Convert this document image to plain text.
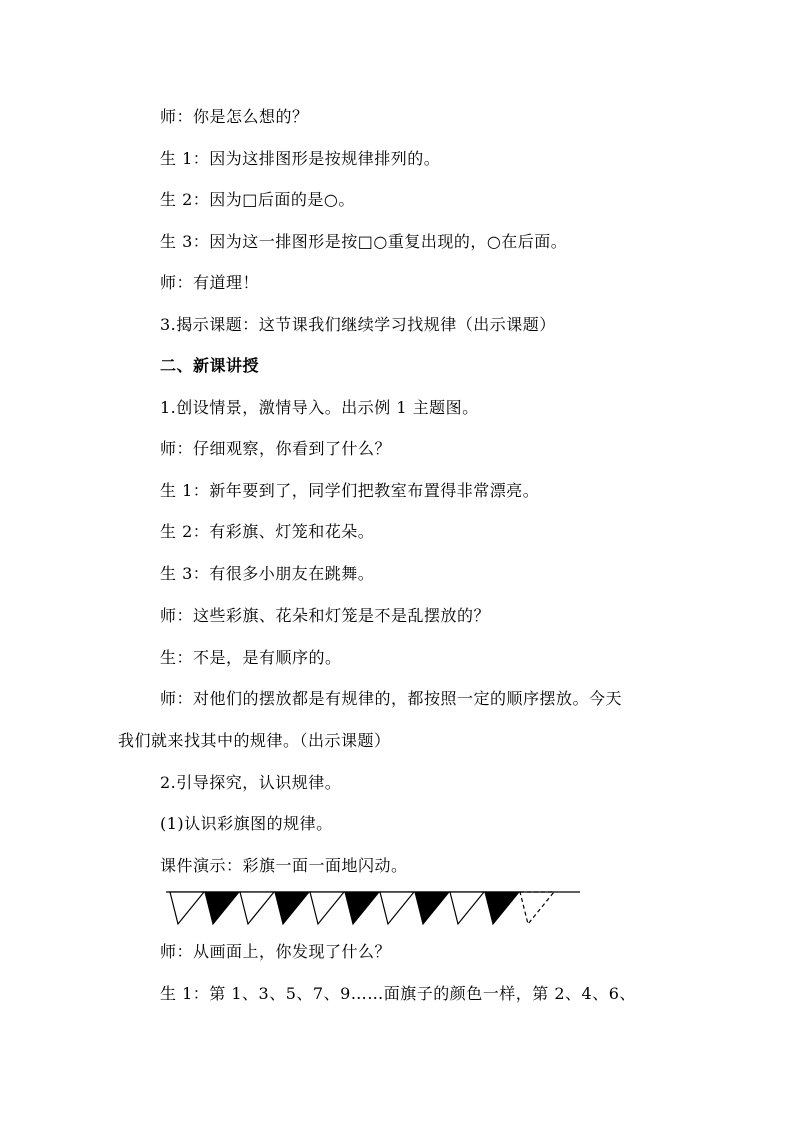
师：你是怎么想的？
生 1：因为这排图形是按规律排列的。
生 2：因为□后面的是○。
生 3：因为这一排图形是按□○重复出现的，○在后面。
师：有道理！
3.揭示课题：这节课我们继续学习找规律（出示课题）
二、新课讲授
1.创设情景，激情导入。出示例 1 主题图。
师：仔细观察，你看到了什么？
生 1：新年要到了，同学们把教室布置得非常漂亮。
生 2：有彩旗、灯笼和花朵。
生 3：有很多小朋友在跳舞。
师：这些彩旗、花朵和灯笼是不是乱摆放的？
生：不是，是有顺序的。
师：对他们的摆放都是有规律的，都按照一定的顺序摆放。今天
我们就来找其中的规律。（出示课题）
2.引导探究，认识规律。
(1)认识彩旗图的规律。
课件演示：彩旗一面一面地闪动。
师：从画面上，你发现了什么？
生 1：第 1、3、5、7、9……面旗子的颜色一样，第 2、4、6、
